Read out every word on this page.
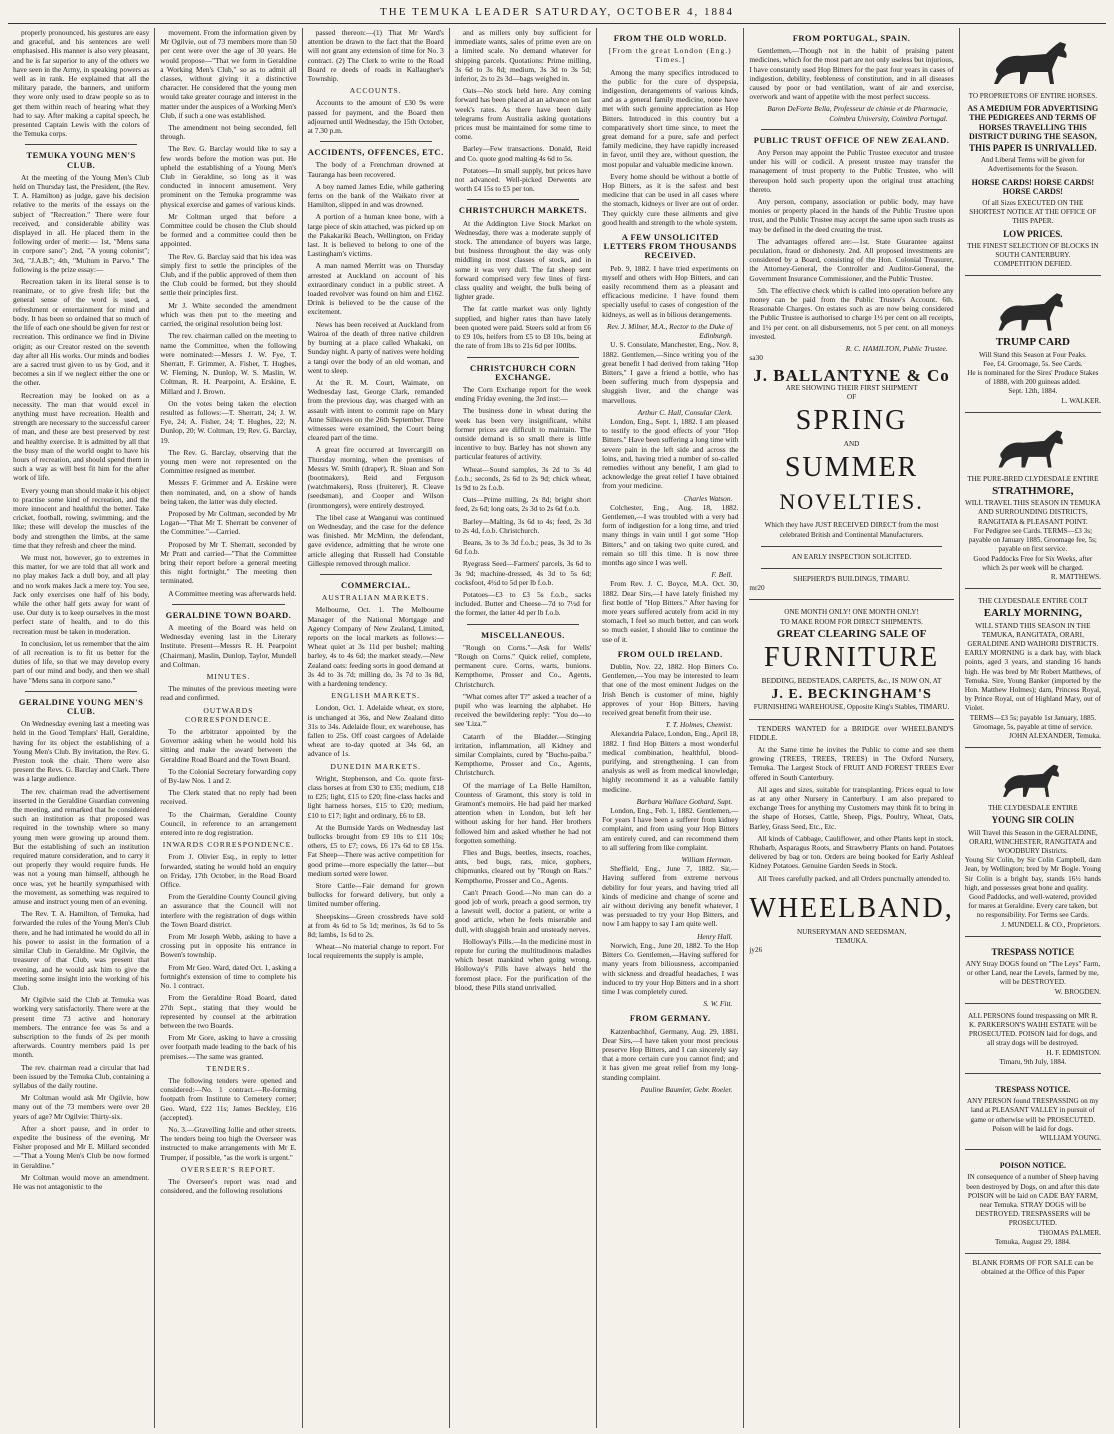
THE TEMUKA LEADER SATURDAY, OCTOBER 4, 1884

properly pronounced, his gestures are easy and graceful, and his sentences are well emphasised. His manner is also very pleasant, and he is far superior to any of the others we have seen in the Army, in speaking powers as well as in rank. He explained that all the military parade, the banners, and uniform they wore only used to draw people so as to get them within reach of hearing what they had to say. After making a capital speech, he presented Captain Lewis with the colors of the Temuka corps.

TEMUKA YOUNG MEN'S CLUB.

At the meeting of the Young Men's Club held on Thursday last, the President, (the Rev. T. A. Hamilton) as judge, gave his decision relative to the merits of the essays on the subject of "Recreation." There were four received, and considerable ability was displayed in all. He placed them in the following order of merit:— 1st, "Mens sana in corpore sano"; 2nd, "A young colonist"; 3rd, "J.A.B."; 4th, "Multum in Parvo." The following is the prize essay:—

Recreation taken in its literal sense is to reanimate, or to give fresh life; but the general sense of the word is used, a refreshment or entertainment for mind and body. It has been so ordained that so much of the life of each one should be given for rest or recreation. This ordinance we find in Divine origin; as our Creator rested on the seventh day after all His works. Our minds and bodies are a sacred trust given to us by God, and it becomes a sin if we neglect either the one or the other.

Recreation may be looked on as a necessity. The man that would excel in anything must have recreation. Health and strength are necessary to the successful career of man, and these are best preserved by rest and healthy exercise. It is admitted by all that the busy man of the world ought to have his hours of recreation, and should spend them in such a way as will best fit him for the after work of life.

Every young man should make it his object to practise some kind of recreation, and the more innocent and healthful the better. Take cricket, football, rowing, swimming, and the like; these will develop the muscles of the body and strengthen the limbs, at the same time that they refresh and cheer the mind.

We must not, however, go to extremes in this matter, for we are told that all work and no play makes Jack a dull boy, and all play and no work makes Jack a mere toy. You see, Jack only exercises one half of his body, while the other half gets away for want of use. Our duty is to keep ourselves in the most perfect state of health, and to do this recreation must be taken in moderation.

In conclusion, let us remember that the aim of all recreation is to fit us better for the duties of life, so that we may develop every part of our mind and body, and then we shall have "Mens sana in corpore sano."

GERALDINE YOUNG MEN'S CLUB.

On Wednesday evening last a meeting was held in the Good Templars' Hall, Geraldine, having for its object the establishing of a Young Men's Club. By invitation, the Rev. G. Preston took the chair. There were also present the Revs. G. Barclay and Clark. There was a large audience.

The rev. chairman read the advertisement inserted in the Geraldine Guardian convening the meeting, and remarked that he considered such an institution as that proposed was required in the township where so many young men were growing up around them. But the establishing of such an institution required mature consideration, and to carry it out properly they would require funds. He was not a young man himself, although he once was, yet he heartily sympathised with the movement, as something was required to amuse and instruct young men of an evening.

The Rev. T. A. Hamilton, of Temuka, had forwarded the rules of the Young Men's Club there, and he had intimated he would do all in his power to assist in the formation of a similar Club in Geraldine. Mr Ogilvie, the treasurer of that Club, was present that evening, and he would ask him to give the meeting some insight into the working of his Club.

Mr Ogilvie said the Club at Temuka was working very satisfactorily. There were at the present time 73 active and honorary members. The entrance fee was 5s and a subscription to the funds of 2s per month afterwards. Country members paid 1s per month.

The rev. chairman read a circular that had been issued by the Temuka Club, containing a syllabus of the daily routine.

Mr Coltman would ask Mr Ogilvie, how many out of the 73 members were over 20 years of age? Mr Ogilvie: Thirty-six.

After a short pause, and in order to expedite the business of the evening, Mr Fisher proposed and Mr E. Millard seconded—"That a Young Men's Club be now formed in Geraldine."

Mr Coltman would move an amendment. He was not antagonistic to the

movement. From the information given by Mr Ogilvie, out of 73 members more than 50 per cent were over the age of 30 years. He would propose—"That we form in Geraldine a Working Men's Club," so as to admit all classes, without giving it a distinctive character. He considered that the young men would take greater courage and interest in the matter under the auspices of a Working Men's Club, if such a one was established.

The amendment not being seconded, fell through.

The Rev. G. Barclay would like to say a few words before the motion was put. He upheld the establishing of a Young Men's Club in Geraldine, so long as it was conducted in innocent amusement. Very prominent on the Temuka programme was physical exercise and games of various kinds.

Mr Coltman urged that before a Committee could be chosen the Club should be formed and a committee could then be appointed.

The Rev. G. Barclay said that his idea was simply first to settle the principles of the Club, and if the public approved of them then the Club could be formed, but they should settle their principles first.

Mr J. White seconded the amendment which was then put to the meeting and carried, the original resolution being lost.

The rev. chairman called on the meeting to name the Committee, when the following were nominated:—Messrs J. W. Fye, T. Sherratt, F. Grimmer, A. Fisher, T. Hughes, W. Fleming, N. Dunlop, W. S. Maslin, W. Coltman, R. H. Pearpoint, A. Erskine, E. Millard and J. Brown.

On the votes being taken the election resulted as follows:—T. Sherratt, 24; J. W. Fye, 24; A. Fisher, 24; T. Hughes, 22; N. Dunlop, 20; W. Coltman, 19; Rev. G. Barclay, 19.

The Rev. G. Barclay, observing that the young men were not represented on the Committee resigned as member.

Messrs F. Grimmer and A. Erskine were then nominated, and, on a show of hands being taken, the latter was duly elected.

Proposed by Mr Coltman, seconded by Mr Logan—"That Mr T. Sherratt be convener of the Committee."—Carried.

Proposed by Mr T. Sherratt, seconded by Mr Pratt and carried—"That the Committee bring their report before a general meeting this night fortnight." The meeting then terminated.

A Committee meeting was afterwards held.

GERALDINE TOWN BOARD.

A meeting of the Board was held on Wednesday evening last in the Literary Institute. Present—Messrs R. H. Pearpoint (Chairman), Maslin, Dunlop, Taylor, Mundell and Coltman.

MINUTES.

The minutes of the previous meeting were read and confirmed.

OUTWARDS CORRESPONDENCE.

To the arbitrator appointed by the Governor asking when he would hold his sitting and make the award between the Geraldine Road Board and the Town Board.

To the Colonial Secretary forwarding copy of By-law Nos. 1 and 2.

The Clerk stated that no reply had been received.

To the Chairman, Geraldine County Council, in reference to an arrangement entered into re dog registration.

INWARDS CORRESPONDENCE.

From J. Olivier Esq., in reply to letter forwarded, stating he would hold an enquiry on Friday, 17th October, in the Road Board Office.

From the Geraldine County Council giving an assurance that the Council will not interfere with the registration of dogs within the Town Board district.

From Mr Joseph Webb, asking to have a crossing put in opposite his entrance in Bowen's township.

From Mr Geo. Ward, dated Oct. 1, asking a fortnight's extension of time to complete his No. 1 contract.

From the Geraldine Road Board, dated 27th Sept., stating that they would be represented by counsel at the arbitration between the two Boards.

From Mr Gore, asking to have a crossing over footpath made leading to the back of his premises.—The same was granted.

TENDERS.

The following tenders were opened and considered:—No. 1 contract.—Re-forming footpath from Institute to Cemetery corner; Geo. Ward, £22 11s; James Beckley, £16 (accepted).

No. 3.—Gravelling Jollie and other streets. The tenders being too high the Overseer was instructed to make arrangements with Mr E. Trumper, if possible, "as the work is urgent."

OVERSEER'S REPORT.

The Overseer's report was read and considered, and the following resolutions

passed thereon:—(1) That Mr Ward's attention be drawn to the fact that the Board will not grant any extension of time for No. 3 contract. (2) The Clerk to write to the Road Board re deeds of roads in Kallaugher's Township.

ACCOUNTS.

Accounts to the amount of £30 9s were passed for payment, and the Board then adjourned until Wednesday, the 15th October, at 7.30 p.m.

ACCIDENTS, OFFENCES, ETC.

The body of a Frenchman drowned at Tauranga has been recovered.

A boy named James Edie, while gathering ferns on the bank of the Waikato river at Hamilton, slipped in and was drowned.

A portion of a human knee bone, with a large piece of skin attached, was picked up on the Pakakariki Beach, Wellington, on Friday last. It is believed to belong to one of the Lastingham's victims.

A man named Merritt was on Thursday arrested at Auckland on account of his extraordinary conduct in a public street. A loaded revolver was found on him and £162. Drink is believed to be the cause of the excitement.

News has been received at Auckland from Wairoa of the death of three native children by burning at a place called Whakaki, on Sunday night. A party of natives were holding a tangi over the body of an old woman, and went to sleep.

At the R. M. Court, Waimate, on Wednesday last, George Clark, remanded from the previous day, was charged with an assault with intent to commit rape on Mary Anne Silleaves on the 26th September. Three witnesses were examined, the Court being cleared part of the time.

A great fire occurred at Invercargill on Thursday morning, when the premises of Messrs W. Smith (draper), R. Sloan and Son (bootmakers), Reid and Ferguson (watchmakers), Ross (fruiterer), R. Cleave (seedsman), and Cooper and Wilson (ironmongers), were entirely destroyed.

The libel case at Wanganui was continued on Wednesday, and the case for the defence was finished. Mr McMinn, the defendant, gave evidence, admitting that he wrote one article alleging that Russell had Constable Gillespie removed through malice.

COMMERCIAL.
AUSTRALIAN MARKETS.

Melbourne, Oct. 1. The Melbourne Manager of the National Mortgage and Agency Company of New Zealand, Limited, reports on the local markets as follows:—Wheat quiet at 3s 11d per bushel; malting barley, 4s to 4s 6d; the market steady.—New Zealand oats: feeding sorts in good demand at 3s 4d to 3s 7d; milling do, 3s 7d to 3s 8d, with a hardening tendency.

ENGLISH MARKETS.

London, Oct. 1. Adelaide wheat, ex store, is unchanged at 36s, and New Zealand ditto 31s to 34s. Adelaide flour, ex warehouse, has fallen to 25s. Off coast cargoes of Adelaide wheat are to-day quoted at 34s 6d, an advance of 1s.

DUNEDIN MARKETS.

Wright, Stephenson, and Co. quote first-class horses at from £30 to £35; medium, £18 to £25; light, £15 to £20; fine-class hacks and light harness horses, £15 to £20; medium, £10 to £17; light and ordinary, £6 to £8.

At the Burnside Yards on Wednesday last bullocks brought from £9 10s to £11 10s; others, £5 to £7; cows, £6 17s 6d to £8 15s. Fat Sheep—There was active competition for good prime—more especially the latter—but medium sorted were lower.

Store Cattle—Fair demand for grown bullocks for forward delivery, but only a limited number offering.

Sheepskins—Green crossbreds have sold at from 4s 6d to 5s 1d; merinos, 3s 6d to 5s 8d; lambs, 1s 6d to 2s.

Wheat—No material change to report. For local requirements the supply is ample,

and as millers only buy sufficient for immediate wants, sales of prime even are on a limited scale. No demand whatever for shipping parcels. Quotations: Prime milling, 3s 6d to 3s 8d; medium, 3s 3d to 3s 5d; inferior, 2s to 2s 3d—bags weighed in.

Oats—No stock held here. Any coming forward has been placed at an advance on last week's rates. As there have been daily telegrams from Australia asking quotations prices must be maintained for some time to come.

Barley—Few transactions. Donald, Reid and Co. quote good malting 4s 6d to 5s.

Potatoes—In small supply, but prices have not advanced. Well-picked Derwents are worth £4 15s to £5 per ton.

CHRISTCHURCH MARKETS.

At the Addington Live Stock Market on Wednesday, there was a moderate supply of stock. The attendance of buyers was large, but business throughout the day was only middling in most classes of stock, and in some it was very dull. The fat sheep sent forward comprised very few lines of first-class quality and weight, the bulk being of lighter grade.

The fat cattle market was only lightly supplied, and higher rates than have lately been quoted were paid. Steers sold at from £6 to £9 10s, heifers from £5 to £8 10s, being at the rate of from 18s to 21s 6d per 100lbs.

CHRISTCHURCH CORN EXCHANGE.

The Corn Exchange report for the week ending Friday evening, the 3rd inst:—

The business done in wheat during the week has been very insignificant, whilst former prices are difficult to maintain. The outside demand is so small there is little incentive to buy. Barley has not shown any particular features of activity.

Wheat—Sound samples, 3s 2d to 3s 4d f.o.b.; seconds, 2s 6d to 2s 9d; chick wheat, 1s 9d to 2s f.o.b.

Oats—Prime milling, 2s 8d; bright short feed, 2s 6d; long oats, 2s 3d to 2s 6d f.o.b.

Barley—Malting, 3s 6d to 4s; feed, 2s 3d to 2s 4d, f.o.b. Christchurch.

Beans, 3s to 3s 3d f.o.b.; peas, 3s 3d to 3s 6d f.o.b.

Ryegrass Seed—Farmers' parcels, 3s 6d to 3s 9d; machine-dressed, 4s 3d to 5s 6d; cocksfoot, 4½d to 5d per lb f.o.b.

Potatoes—£3 to £3 5s f.o.b., sacks included. Butter and Cheese—7d to 7½d for the former, the latter 4d per lb f.o.b.

MISCELLANEOUS.

"Rough on Corns."—Ask for Wells' "Rough on Corns." Quick relief, complete, permanent cure. Corns, warts, bunions. Kempthorne, Prosser and Co., Agents, Christchurch.

"What comes after T?" asked a teacher of a pupil who was learning the alphabet. He received the bewildering reply: "You do—to see 'Liza.'"

Catarrh of the Bladder.—Stinging irritation, inflammation, all Kidney and similar Complaints, cured by "Buchu-paiba." Kempthorne, Prosser and Co., Agents, Christchurch.

Of the marriage of La Belle Hamilton, Countess of Gramont, this story is told in Gramont's memoirs. He had paid her marked attention when in London, but left her without asking for her hand. Her brothers followed him and asked whether he had not forgotten something.

Flies and Bugs, beetles, insects, roaches, ants, bed bugs, rats, mice, gophers, chipmunks, cleared out by "Rough on Rats." Kempthorne, Prosser and Co., Agents.

Can't Preach Good.—No man can do a good job of work, preach a good sermon, try a lawsuit well, doctor a patient, or write a good article, when he feels miserable and dull, with sluggish brain and unsteady nerves.

Holloway's Pills.—In the medicine most in repute for curing the multitudinous maladies which beset mankind when going wrong. Holloway's Pills have always held the foremost place. For the purification of the blood, these Pills stand unrivalled.

FROM THE OLD WORLD.
[From the great London (Eng.) Times.]

Among the many specifics introduced to the public for the cure of dyspepsia, indigestion, derangements of various kinds, and as a general family medicine, none have met with such genuine appreciation as Hop Bitters. Introduced in this country but a comparatively short time since, to meet the great demand for a pure, safe and perfect family medicine, they have rapidly increased in favor, until they are, without question, the most popular and valuable medicine known.

Every home should be without a bottle of Hop Bitters, as it is the safest and best medicine that can be used in all cases where the stomach, kidneys or liver are out of order. They quickly cure these ailments and give good health and strength to the whole system.

A FEW UNSOLICITED LETTERS FROM THOUSANDS RECEIVED.

Peb. 9, 1882. I have tried experiments on myself and others with Hop Bitters, and can easily recommend them as a pleasant and efficacious medicine. I have found them specially useful to cases of congestion of the kidneys, as well as in bilious derangements.

Rev. J. Milner, M.A., Rector to the Duke of Edinburgh.

U. S. Consulate, Manchester, Eng., Nov. 8, 1882. Gentlemen,—Since writing you of the great benefit I had derived from taking "Hop Bitters," I gave a friend a bottle, who has been suffering much from dyspepsia and sluggish liver, and the change was marvellous.

Arthur C. Hall, Consular Clerk.

London, Eng., Sept. 1, 1882. I am pleased to testify to the good effects of your "Hop Bitters." Have been suffering a long time with severe pain in the left side and across the loins, and, having tried a number of so-called remedies without any benefit, I am glad to acknowledge the great relief I have obtained from your medicine.

Charles Watson.

Colchester, Eng., Aug. 18, 1882. Gentlemen,—I was troubled with a very bad form of indigestion for a long time, and tried many things in vain until I got some "Hop Bitters," and on taking two quite cured, and remain so till this time. It is now three months ago since I was well.

F. Bell.

From Rev. J. C. Boyce, M.A. Oct. 30, 1882. Dear Sirs,—I have lately finished my first bottle of "Hop Bitters." After having for more years suffered acutely from acid in my stomach, I feel so much better, and can work so much easier, I should like to continue the use of it.

FROM OULD IRELAND.

Dublin, Nov. 22, 1882. Hop Bitters Co. Gentlemen,—You may be interested to learn that one of the most eminent Judges on the Irish Bench is customer of mine, highly approves of your Hop Bitters, having received great benefit from their use.

T. T. Holmes, Chemist.

Alexandria Palace, London, Eng., April 18, 1882. I find Hop Bitters a most wonderful medical combination, healthful, blood-purifying, and strengthening. I can from analysis as well as from medical knowledge, highly recommend it as a valuable family medicine.

Barbara Wallace Gothard, Supt.

London, Eng., Feb. 1, 1882. Gentlemen,—For years I have been a sufferer from kidney complaint, and from using your Hop Bitters am entirely cured, and can recommend them to all suffering from like complaint.

William Herman.

Sheffield, Eng., June 7, 1882. Sir,—Having suffered from extreme nervous debility for four years, and having tried all kinds of medicine and change of scene and air without deriving any benefit whatever, I was persuaded to try your Hop Bitters, and now I am happy to say I am quite well.

Henry Hall.

Norwich, Eng., June 20, 1882. To the Hop Bitters Co. Gentlemen,—Having suffered for many years from biliousness, accompanied with sickness and dreadful headaches, I was induced to try your Hop Bitters and in a short time I was completely cured.

S. W. Fitt.
FROM GERMANY.

Katzenbachhof, Germany, Aug. 29, 1881. Dear Sirs,—I have taken your most precious preserve Hop Bitters, and I can sincerely say that a more certain cure you cannot find; and it has given me great relief from my long-standing complaint.

Pauline Baumler, Gebr. Roeler.
FROM PORTUGAL, SPAIN.

Gentlemen,—Though not in the habit of praising patent medicines, which for the most part are not only useless but injurious, I have constantly used Hop Bitters for the past four years in cases of indigestion, debility, feebleness of constitution, and in all diseases caused by poor or bad ventilation, want of air and exercise, overwork and want of appetite with the most perfect success.

Baron DeForte Bella, Professeur de chimie et de Pharmacie, Coimbra University, Coimbra Portugal.
PUBLIC TRUST OFFICE OF NEW ZEALAND.

Any Person may appoint the Public Trustee executor and trustee under his will or codicil. A present trustee may transfer the management of trust property to the Public Trustee, who will thereupon hold such property upon the original trust attaching thereto.

Any person, company, association or public body, may have monies or property placed in the hands of the Public Trustee upon trust, and the Public Trustee may accept the same upon such trusts as may be defined in the deed creating the trust.

The advantages offered are:—1st. State Guarantee against peculation, fraud or dishonesty. 2nd. All proposed investments are considered by a Board, consisting of the Hon. Colonial Treasurer, the Attorney-General, the Controller and Auditor-General, the Government Insurance Commissioner, and the Public Trustee.

5th. The effective check which is called into operation before any money can be paid from the Public Trustee's Account. 6th. Reasonable Charges. On estates such as are now being considered the Public Trustee is authorised to charge 1½ per cent on all receipts, and 1¼ per cent. on all disbursements, not 5 per cent. on all moneys invested.

R. C. HAMILTON, Public Trustee.
sa30
J. BALLANTYNE & Co
ARE SHOWING THEIR FIRST SHIPMENT
OF
SPRING
AND
SUMMER
NOVELTIES.
Which they have JUST RECEIVED DIRECT from the most celebrated British and Continental Manufacturers.
AN EARLY INSPECTION SOLICITED.
SHEPHERD'S BUILDINGS, TIMARU.
mr20
ONE MONTH ONLY! ONE MONTH ONLY!
TO MAKE ROOM FOR DIRECT SHIPMENTS.
GREAT CLEARING SALE OF
FURNITURE
BEDDING, BEDSTEADS, CARPETS, &c., IS NOW ON, AT
J. E. BECKINGHAM'S
FURNISHING WAREHOUSE, Opposite King's Stables, TIMARU.

TENDERS WANTED for a BRIDGE over WHEELBAND'S FIDDLE.

At the Same time he invites the Public to come and see them growing (TREES, TREES, TREES) in The Oxford Nursery, Temuka. The Largest Stock of FRUIT AND FOREST TREES Ever offered in South Canterbury.

All ages and sizes, suitable for transplanting. Prices equal to low as at any other Nursery in Canterbury. I am also prepared to exchange Trees for anything my Customers may think fit to bring in the shape of Horses, Cattle, Sheep, Pigs, Poultry, Wheat, Oats, Barley, Grass Seed, Etc., Etc.

All kinds of Cabbage, Cauliflower, and other Plants kept in stock. Rhubarb, Asparagus Roots, and Strawberry Plants on hand. Potatoes delivered by bag or ton. Orders are being booked for Early Ashleaf Kidney Potatoes. Genuine Garden Seeds in Stock.

All Trees carefully packed, and all Orders punctually attended to.

WHEELBAND,
NURSERYMAN AND SEEDSMAN,
TEMUKA.
jy26
TO PROPRIETORS OF ENTIRE HORSES.
AS A MEDIUM FOR ADVERTISING THE PEDIGREES AND TERMS OF HORSES TRAVELLING THIS DISTRICT DURING THE SEASON,
THIS PAPER IS UNRIVALLED.
And Liberal Terms will be given for Advertisements for the Season.
HORSE CARDS! HORSE CARDS! HORSE CARDS!
Of all Sizes EXECUTED ON THE SHORTEST NOTICE AT THE OFFICE OF THIS PAPER.
LOW PRICES.
THE FINEST SELECTION OF BLOCKS IN SOUTH CANTERBURY.
COMPETITION DEFIED.
TRUMP CARD
Will Stand this Season at Four Peaks.
Fee, £4. Groomage, 5s. See Cards.
He is nominated for the Sires' Produce Stakes of 1888, with 200 guineas added.
Sept. 12th, 1884.
L. WALKER.
THE PURE-BRED CLYDESDALE ENTIRE
STRATHMORE,
WILL TRAVEL THIS SEASON IN TEMUKA AND SURROUNDING DISTRICTS, RANGITATA & PLEASANT POINT.
For Pedigree see Cards. TERMS—£3 3s; payable on January 1885. Groomage fee, 5s; payable on first service.
Good Paddocks Free for Six Weeks, after which 2s per week will be charged.
R. MATTHEWS.
THE CLYDESDALE ENTIRE COLT
EARLY MORNING,
WILL STAND THIS SEASON IN THE TEMUKA, RANGITATA, ORARI, GERALDINE AND WAIHORI DISTRICTS.
EARLY MORNING is a dark bay, with black points, aged 3 years, and standing 16 hands high. He was bred by Mr Robert Matthews, of Temuka. Sire, Young Banker (imported by the Hon. Matthew Holmes); dam, Princess Royal, by Prince Royal, out of Highland Mary, out of Violet.
TERMS—£3 5s; payable 1st January, 1885. Groomage, 5s, payable at time of service.
JOHN ALEXANDER, Temuka.
THE CLYDESDALE ENTIRE
YOUNG SIR COLIN
Will Travel this Season in the GERALDINE, ORARI, WINCHESTER, RANGITATA and WOODBURY Districts.
Young Sir Colin, by Sir Colin Campbell, dam Jean, by Wellington; bred by Mr Bogle. Young Sir Colin is a bright bay, stands 16½ hands high, and possesses great bone and quality.
Good Paddocks, and well-watered, provided for mares at Geraldine. Every care taken, but no responsibility. For Terms see Cards.
J. MUNDELL & CO., Proprietors.
TRESPASS NOTICE
ANY Stray DOGS found on "The Leys" Farm, or other Land, near the Levels, farmed by me, will be DESTROYED.
W. BROGDEN.
ALL PERSONS found trespassing on MR R. K. PARKERSON'S WAIHI ESTATE will be PROSECUTED. POISON laid for dogs, and all stray dogs will be destroyed.
H. F. EDMISTON.
Timaru, 9th July, 1884.
TRESPASS NOTICE.
ANY PERSON found TRESPASSING on my land at PLEASANT VALLEY in pursuit of game or otherwise will be PROSECUTED. Poison will be laid for dogs.
WILLIAM YOUNG.
POISON NOTICE.
IN consequence of a number of Sheep having been destroyed by Dogs, on and after this date POISON will be laid on CADE BAY FARM, near Temuka. STRAY DOGS will be DESTROYED. TRESPASSERS will be PROSECUTED.
THOMAS PALMER.
Temuka, August 29, 1884.
BLANK FORMS OF FOR SALE can be obtained at the Office of this Paper
